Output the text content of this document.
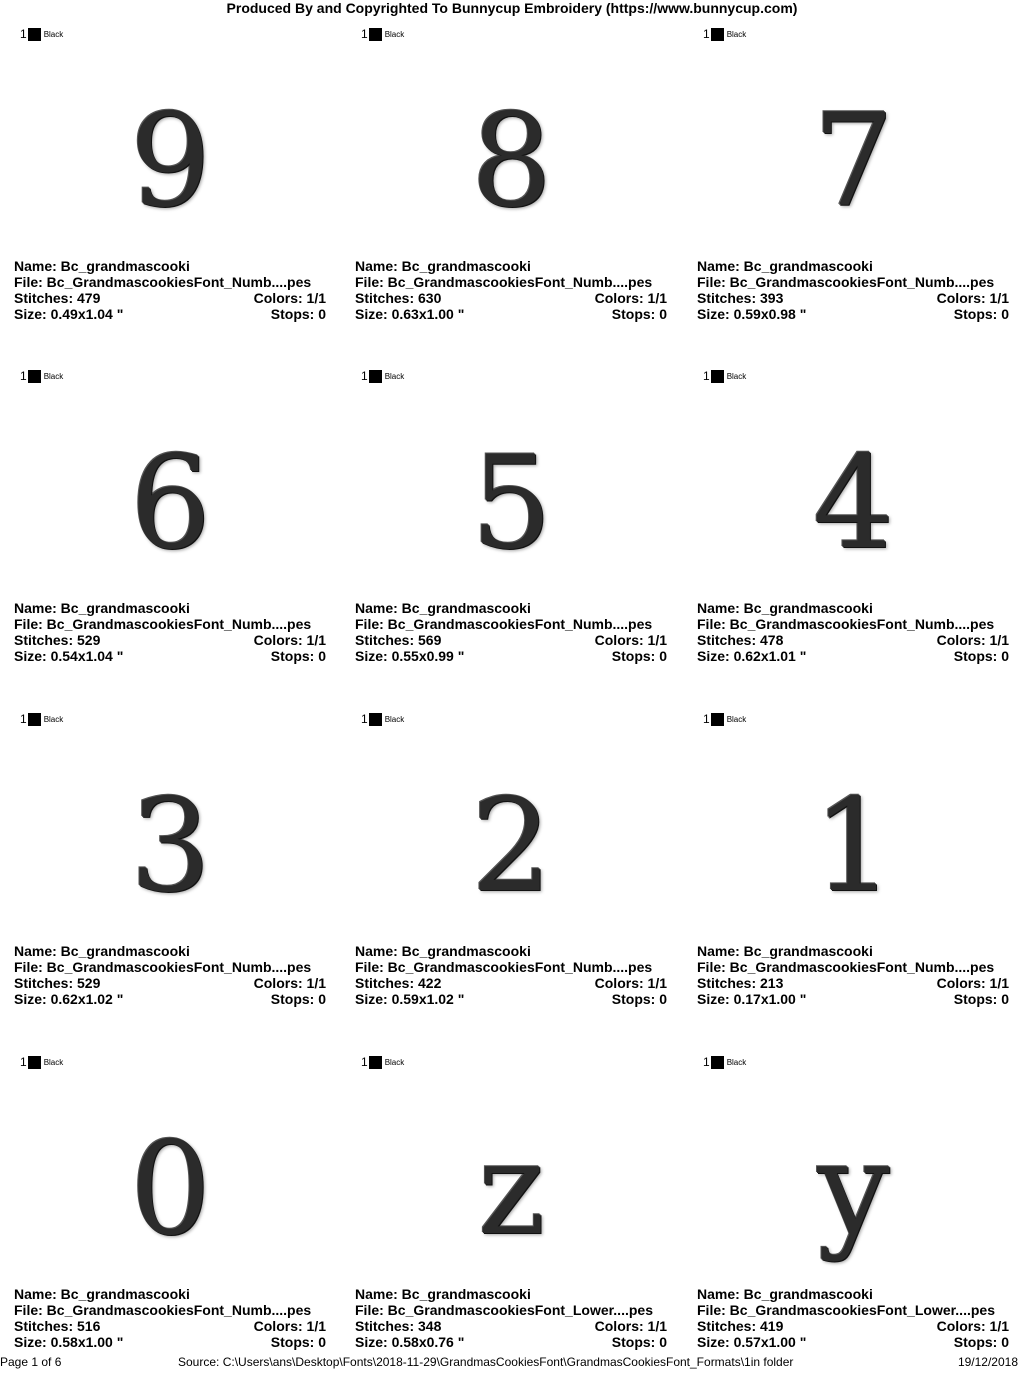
Produced By and Copyrighted To Bunnycup Embroidery (https://www.bunnycup.com)
1 Black
9
Name: Bc_grandmascooki
File: Bc_GrandmascookiesFont_Numb....pes
Stitches: 479	Colors: 1/1
Size: 0.49x1.04 "	Stops: 0
1 Black
8
Name: Bc_grandmascooki
File: Bc_GrandmascookiesFont_Numb....pes
Stitches: 630	Colors: 1/1
Size: 0.63x1.00 "	Stops: 0
1 Black
7
Name: Bc_grandmascooki
File: Bc_GrandmascookiesFont_Numb....pes
Stitches: 393	Colors: 1/1
Size: 0.59x0.98 "	Stops: 0
1 Black
6
Name: Bc_grandmascooki
File: Bc_GrandmascookiesFont_Numb....pes
Stitches: 529	Colors: 1/1
Size: 0.54x1.04 "	Stops: 0
1 Black
5
Name: Bc_grandmascooki
File: Bc_GrandmascookiesFont_Numb....pes
Stitches: 569	Colors: 1/1
Size: 0.55x0.99 "	Stops: 0
1 Black
4
Name: Bc_grandmascooki
File: Bc_GrandmascookiesFont_Numb....pes
Stitches: 478	Colors: 1/1
Size: 0.62x1.01 "	Stops: 0
1 Black
3
Name: Bc_grandmascooki
File: Bc_GrandmascookiesFont_Numb....pes
Stitches: 529	Colors: 1/1
Size: 0.62x1.02 "	Stops: 0
1 Black
2
Name: Bc_grandmascooki
File: Bc_GrandmascookiesFont_Numb....pes
Stitches: 422	Colors: 1/1
Size: 0.59x1.02 "	Stops: 0
1 Black
1
Name: Bc_grandmascooki
File: Bc_GrandmascookiesFont_Numb....pes
Stitches: 213	Colors: 1/1
Size: 0.17x1.00 "	Stops: 0
1 Black
0
Name: Bc_grandmascooki
File: Bc_GrandmascookiesFont_Numb....pes
Stitches: 516	Colors: 1/1
Size: 0.58x1.00 "	Stops: 0
1 Black
z
Name: Bc_grandmascooki
File: Bc_GrandmascookiesFont_Lower....pes
Stitches: 348	Colors: 1/1
Size: 0.58x0.76 "	Stops: 0
1 Black
y
Name: Bc_grandmascooki
File: Bc_GrandmascookiesFont_Lower....pes
Stitches: 419	Colors: 1/1
Size: 0.57x1.00 "	Stops: 0
Page 1 of 6	Source: C:\Users\ans\Desktop\Fonts\2018-11-29\GrandmasCookiesFont\GrandmasCookiesFont_Formats\1in folder	19/12/2018
